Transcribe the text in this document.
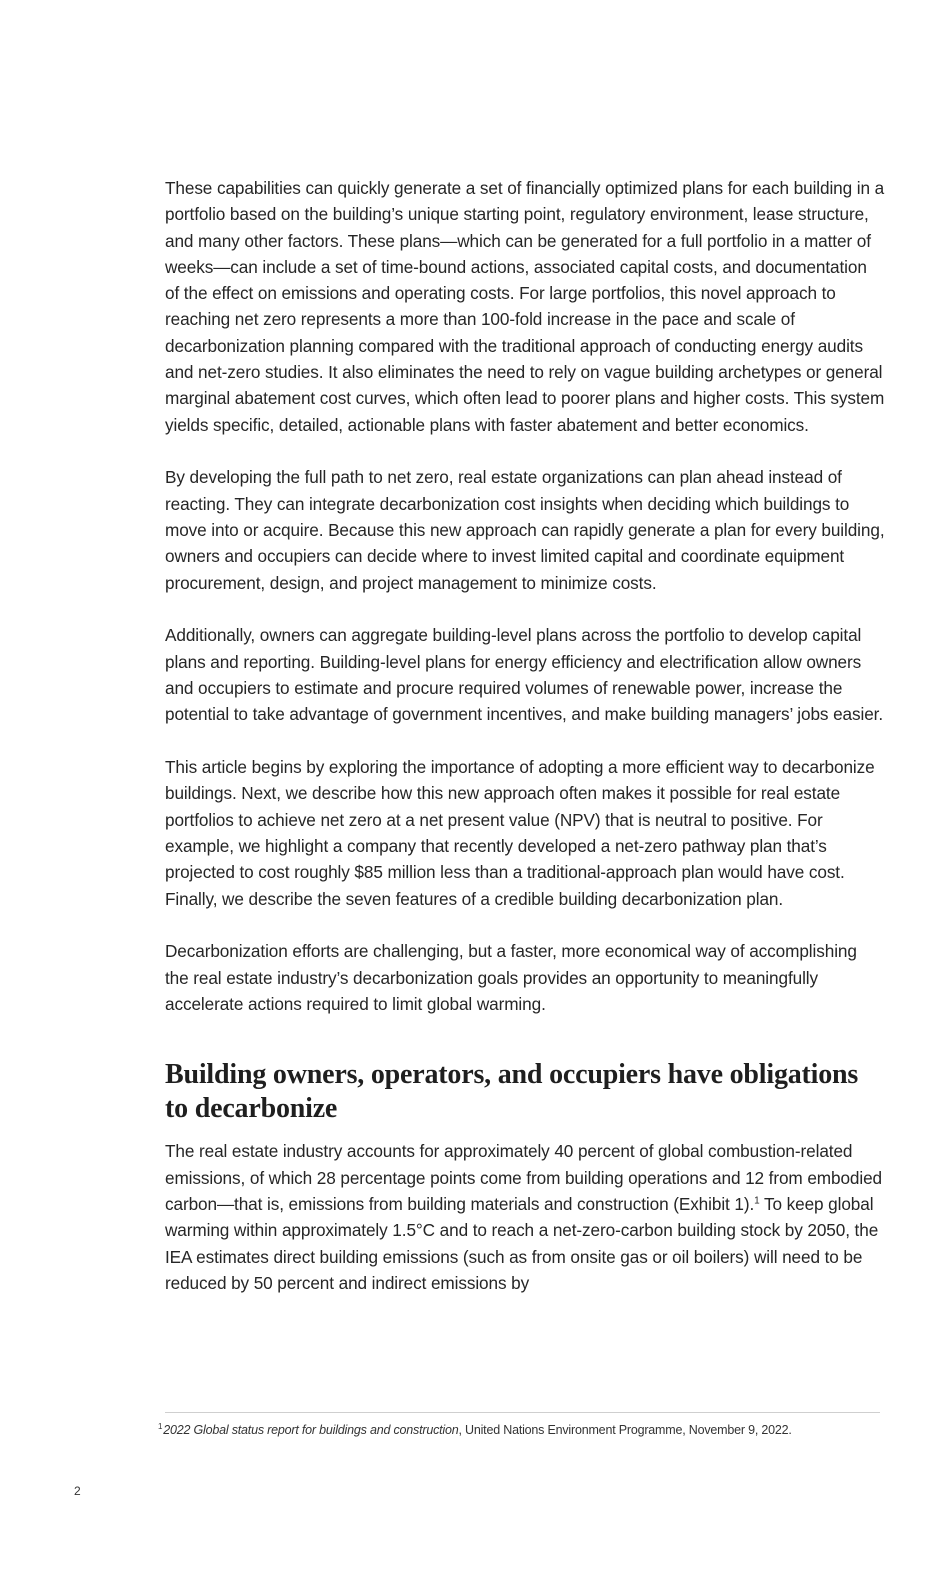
These capabilities can quickly generate a set of financially optimized plans for each building in a portfolio based on the building’s unique starting point, regulatory environment, lease structure, and many other factors. These plans—which can be generated for a full portfolio in a matter of weeks—can include a set of time-bound actions, associated capital costs, and documentation of the effect on emissions and operating costs. For large portfolios, this novel approach to reaching net zero represents a more than 100-fold increase in the pace and scale of decarbonization planning compared with the traditional approach of conducting energy audits and net-zero studies. It also eliminates the need to rely on vague building archetypes or general marginal abatement cost curves, which often lead to poorer plans and higher costs. This system yields specific, detailed, actionable plans with faster abatement and better economics.

By developing the full path to net zero, real estate organizations can plan ahead instead of reacting. They can integrate decarbonization cost insights when deciding which buildings to move into or acquire. Because this new approach can rapidly generate a plan for every building, owners and occupiers can decide where to invest limited capital and coordinate equipment procurement, design, and project management to minimize costs.

Additionally, owners can aggregate building-level plans across the portfolio to develop capital plans and reporting. Building-level plans for energy efficiency and electrification allow owners and occupiers to estimate and procure required volumes of renewable power, increase the potential to take advantage of government incentives, and make building managers’ jobs easier.

This article begins by exploring the importance of adopting a more efficient way to decarbonize buildings. Next, we describe how this new approach often makes it possible for real estate portfolios to achieve net zero at a net present value (NPV) that is neutral to positive. For example, we highlight a company that recently developed a net-zero pathway plan that’s projected to cost roughly $85 million less than a traditional-approach plan would have cost. Finally, we describe the seven features of a credible building decarbonization plan.

Decarbonization efforts are challenging, but a faster, more economical way of accomplishing the real estate industry’s decarbonization goals provides an opportunity to meaningfully accelerate actions required to limit global warming.

Building owners, operators, and occupiers have obligations to decarbonize

The real estate industry accounts for approximately 40 percent of global combustion-related emissions, of which 28 percentage points come from building operations and 12 from embodied carbon—that is, emissions from building materials and construction (Exhibit 1).$^1$ To keep global warming within approximately 1.5°C and to reach a net-zero-carbon building stock by 2050, the IEA estimates direct building emissions (such as from onsite gas or oil boilers) will need to be reduced by 50 percent and indirect emissions by

$^1$2022 Global status report for buildings and construction, United Nations Environment Programme, November 9, 2022.
2
